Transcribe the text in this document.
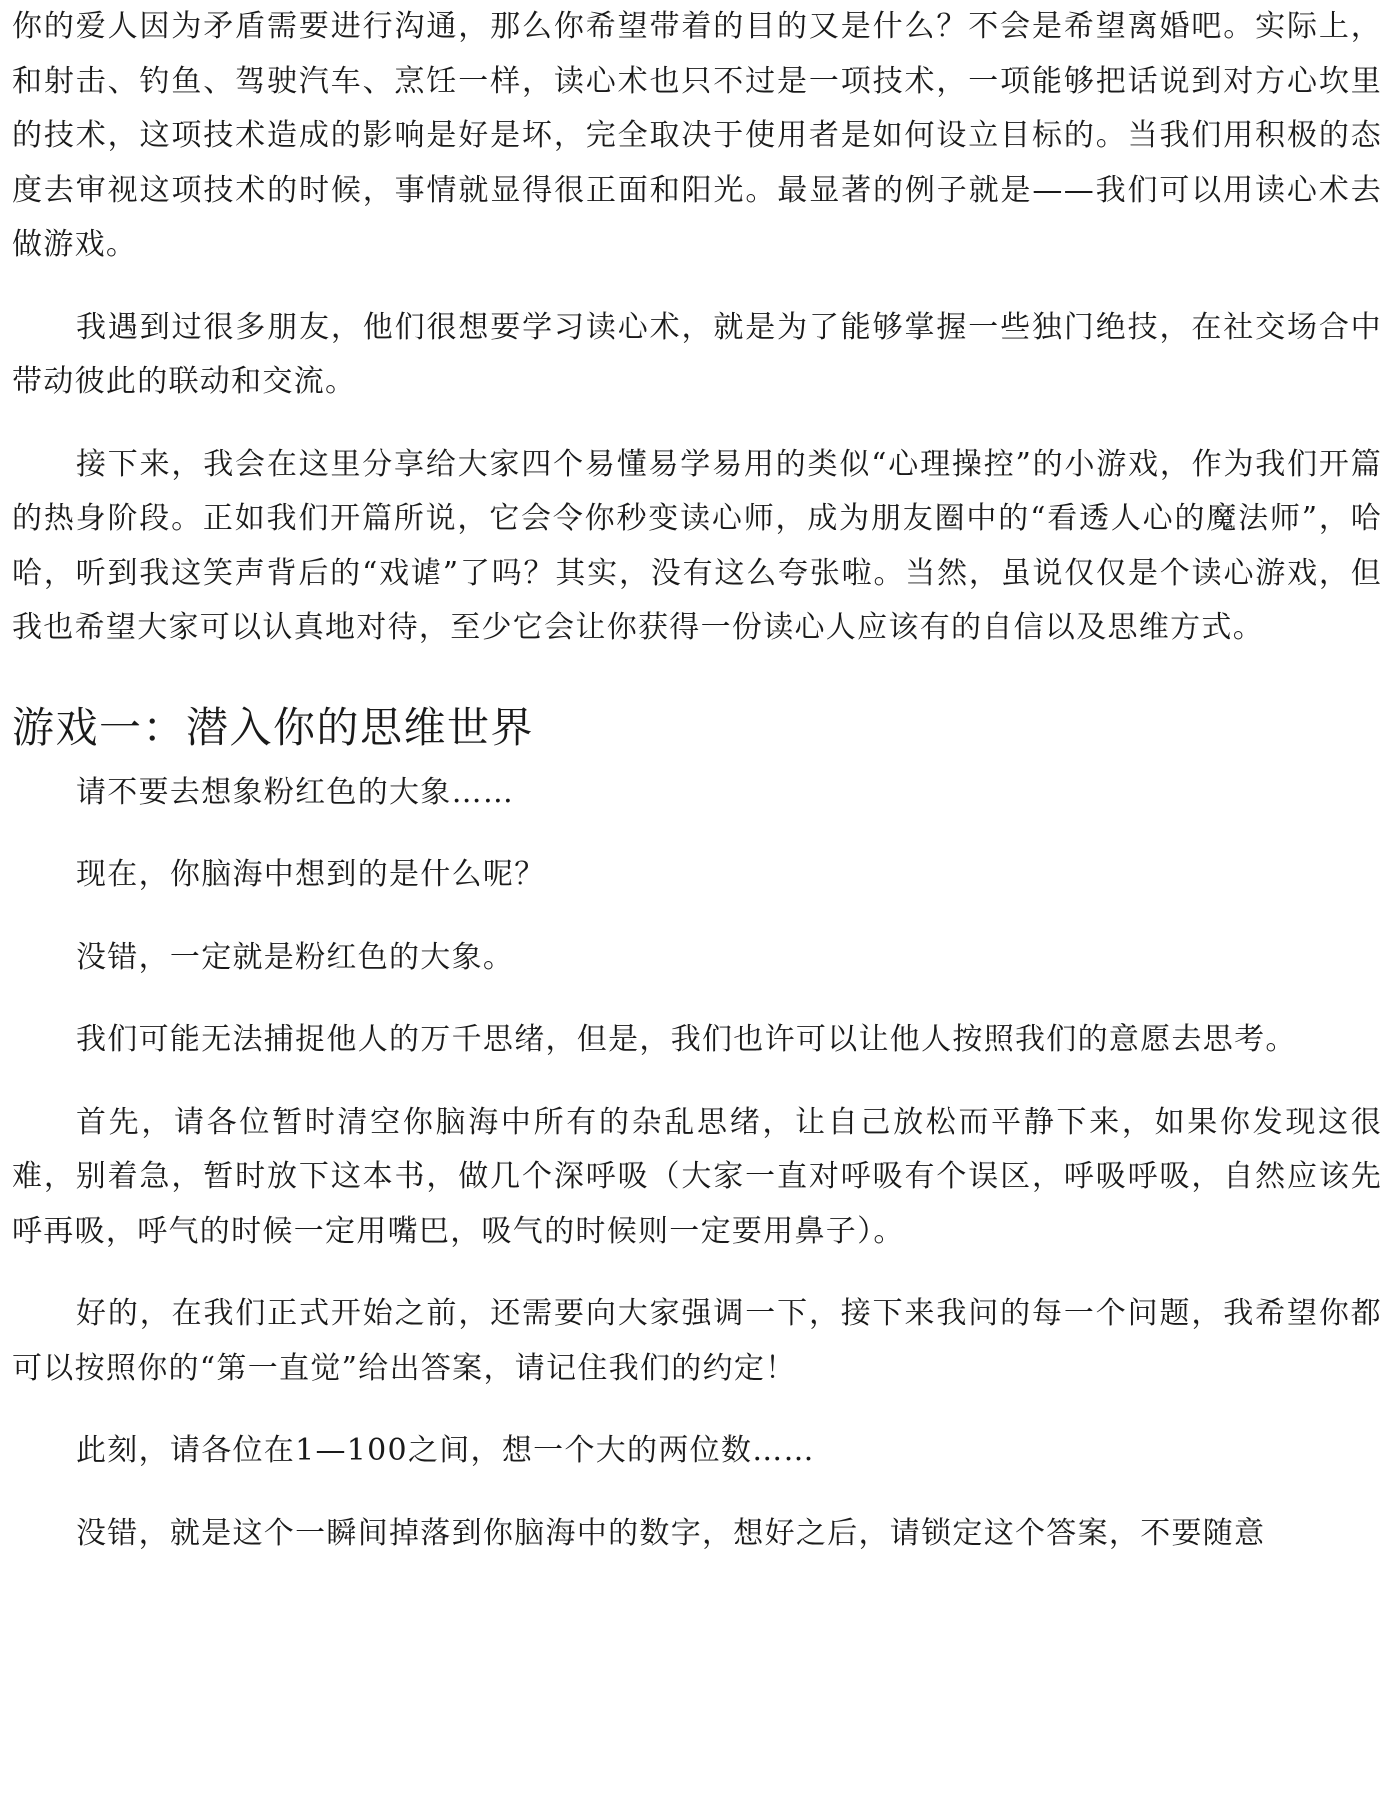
你的爱人因为矛盾需要进行沟通，那么你希望带着的目的又是什么？不会是希望离婚吧。实际上，和射击、钓鱼、驾驶汽车、烹饪一样，读心术也只不过是一项技术，一项能够把话说到对方心坎里的技术，这项技术造成的影响是好是坏，完全取决于使用者是如何设立目标的。当我们用积极的态度去审视这项技术的时候，事情就显得很正面和阳光。最显著的例子就是——我们可以用读心术去做游戏。

我遇到过很多朋友，他们很想要学习读心术，就是为了能够掌握一些独门绝技，在社交场合中带动彼此的联动和交流。

接下来，我会在这里分享给大家四个易懂易学易用的类似“心理操控”的小游戏，作为我们开篇的热身阶段。正如我们开篇所说，它会令你秒变读心师，成为朋友圈中的“看透人心的魔法师”，哈哈，听到我这笑声背后的“戏谑”了吗？其实，没有这么夸张啦。当然，虽说仅仅是个读心游戏，但我也希望大家可以认真地对待，至少它会让你获得一份读心人应该有的自信以及思维方式。

游戏一：潜入你的思维世界

请不要去想象粉红色的大象……

现在，你脑海中想到的是什么呢？

没错，一定就是粉红色的大象。

我们可能无法捕捉他人的万千思绪，但是，我们也许可以让他人按照我们的意愿去思考。

首先，请各位暂时清空你脑海中所有的杂乱思绪，让自己放松而平静下来，如果你发现这很难，别着急，暂时放下这本书，做几个深呼吸（大家一直对呼吸有个误区，呼吸呼吸，自然应该先呼再吸，呼气的时候一定用嘴巴，吸气的时候则一定要用鼻子）。

好的，在我们正式开始之前，还需要向大家强调一下，接下来我问的每一个问题，我希望你都可以按照你的“第一直觉”给出答案，请记住我们的约定！

此刻，请各位在1—100之间，想一个大的两位数……

没错，就是这个一瞬间掉落到你脑海中的数字，想好之后，请锁定这个答案，不要随意
